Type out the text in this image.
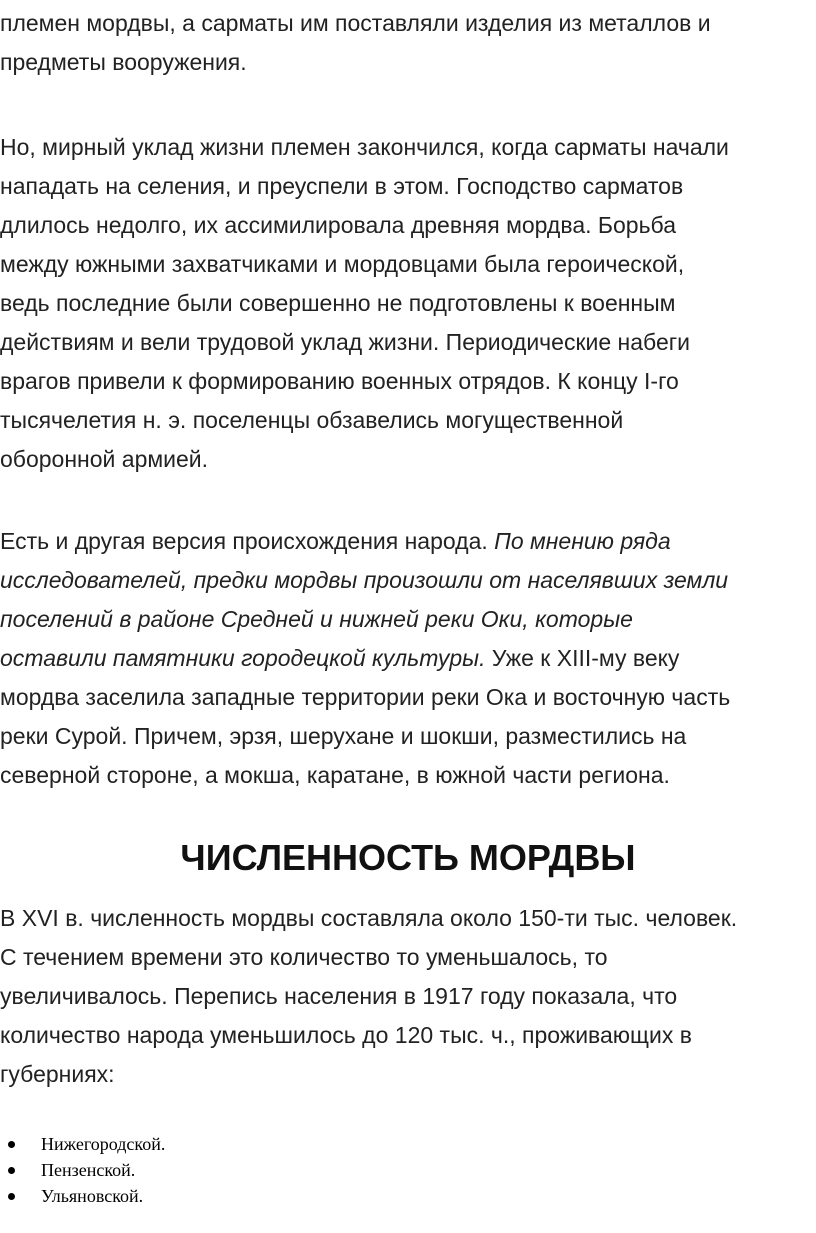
племен мордвы, а сарматы им поставляли изделия из металлов и
предметы вооружения.

Но, мирный уклад жизни племен закончился, когда сарматы начали
нападать на селения, и преуспели в этом. Господство сарматов
длилось недолго, их ассимилировала древняя мордва. Борьба
между южными захватчиками и мордовцами была героической,
ведь последние были совершенно не подготовлены к военным
действиям и вели трудовой уклад жизни. Периодические набеги
врагов привели к формированию военных отрядов. К концу I-го
тысячелетия н. э. поселенцы обзавелись могущественной
оборонной армией.

Есть и другая версия происхождения народа. По мнению ряда
исследователей, предки мордвы произошли от населявших земли
поселений в районе Средней и нижней реки Оки, которые
оставили памятники городецкой культуры. Уже к XIII-му веку
мордва заселила западные территории реки Ока и восточную часть
реки Сурой. Причем, эрзя, шерухане и шокши, разместились на
северной стороне, а мокша, каратане, в южной части региона.

ЧИСЛЕННОСТЬ МОРДВЫ

В XVI в. численность мордвы составляла около 150-ти тыс. человек.
С течением времени это количество то уменьшалось, то
увеличивалось. Перепись населения в 1917 году показала, что
количество народа уменьшилось до 120 тыс. ч., проживающих в
губерниях:

Нижегородской.
Пензенской.
Ульяновской.
